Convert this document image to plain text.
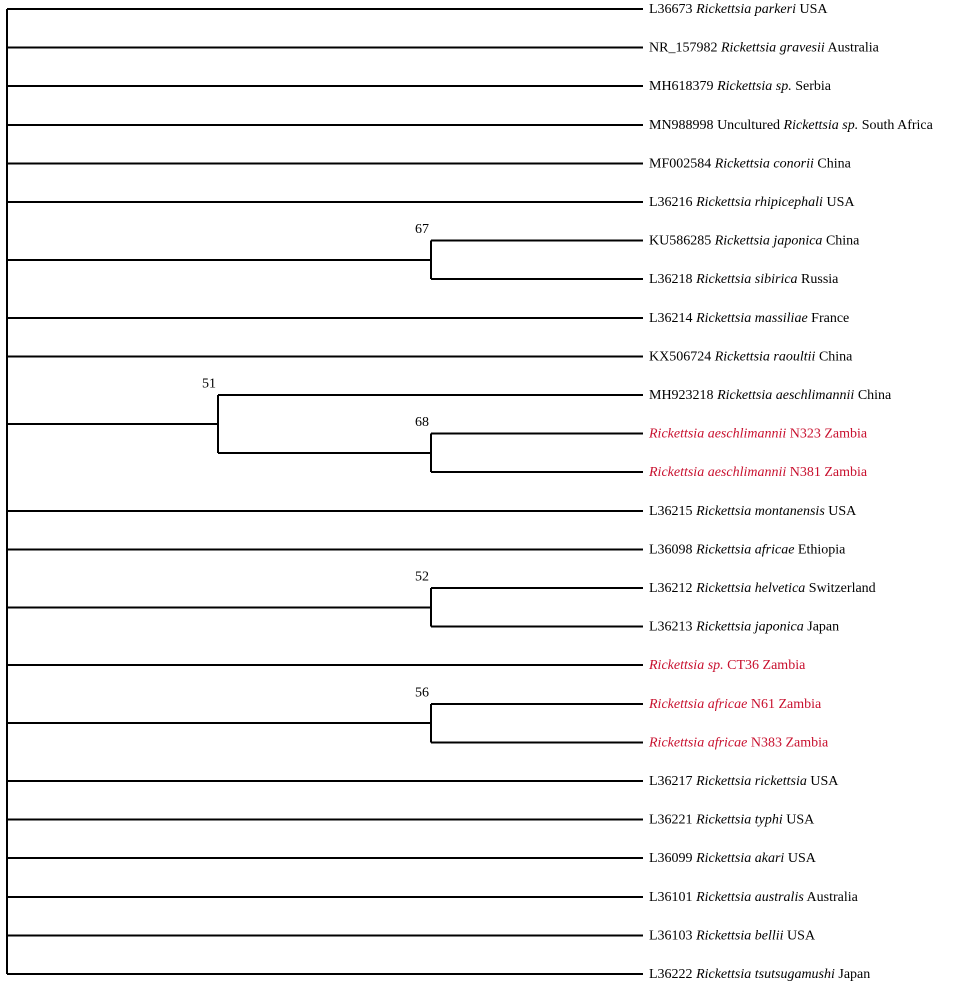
67
68
51
52
56
L36673 Rickettsia parkeri USA
NR_157982 Rickettsia gravesii Australia
MH618379 Rickettsia sp. Serbia
MN988998 Uncultured Rickettsia sp. South Africa
MF002584 Rickettsia conorii China
L36216 Rickettsia rhipicephali USA
KU586285 Rickettsia japonica China
L36218 Rickettsia sibirica Russia
L36214 Rickettsia massiliae France
KX506724 Rickettsia raoultii China
MH923218 Rickettsia aeschlimannii China
Rickettsia aeschlimannii N323 Zambia
Rickettsia aeschlimannii N381 Zambia
L36215 Rickettsia montanensis USA
L36098 Rickettsia africae Ethiopia
L36212 Rickettsia helvetica Switzerland
L36213 Rickettsia japonica Japan
Rickettsia sp. CT36 Zambia
Rickettsia africae N61 Zambia
Rickettsia africae N383 Zambia
L36217 Rickettsia rickettsia USA
L36221 Rickettsia typhi USA
L36099 Rickettsia akari USA
L36101 Rickettsia australis Australia
L36103 Rickettsia bellii USA
L36222 Rickettsia tsutsugamushi Japan
